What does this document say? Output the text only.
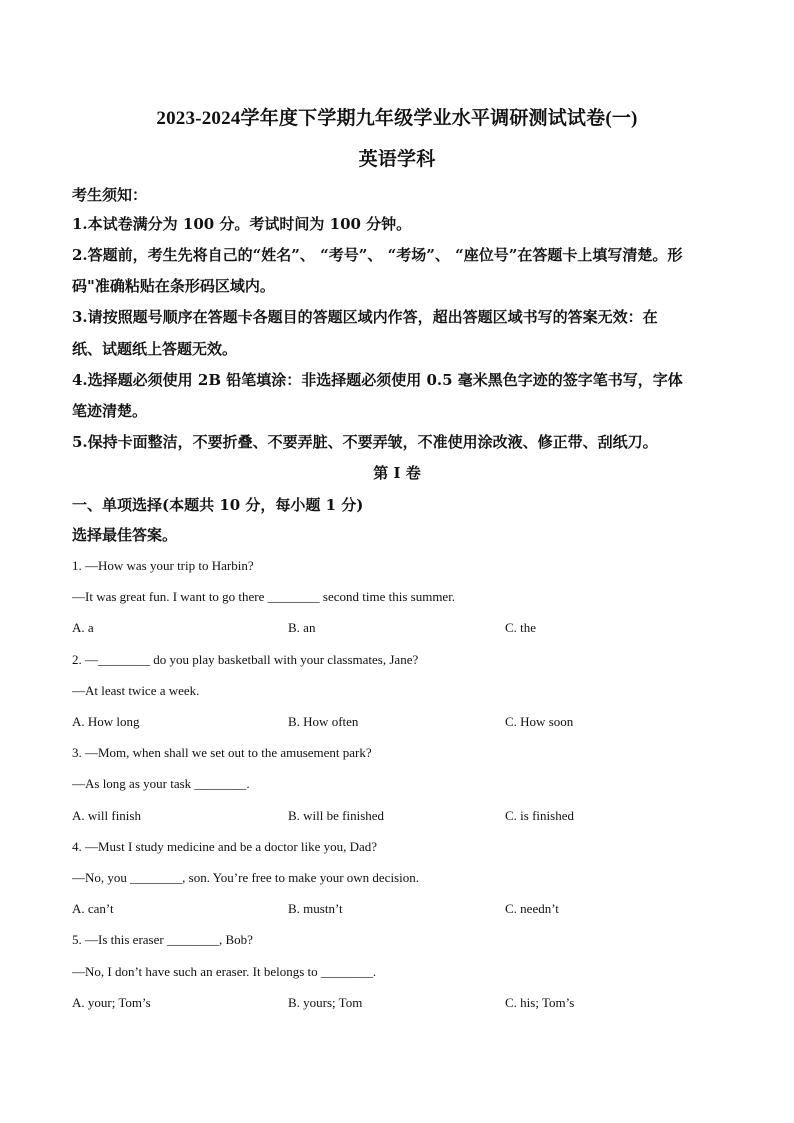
2023-2024学年度下学期九年级学业水平调研测试试卷(一)
英语学科
考生须知：
1.本试卷满分为 100 分。考试时间为 100 分钟。
2.答题前，考生先将自己的“姓名”、 “考号”、 “考场”、 “座位号”在答题卡上填写清楚。形
码"准确粘贴在条形码区域内。
3.请按照题号顺序在答题卡各题目的答题区域内作答，超出答题区域书写的答案无效：在
纸、试题纸上答题无效。
4.选择题必须使用 2B 铅笔填涂：非选择题必须使用 0.5 毫米黑色字迹的签字笔书写，字体
笔迹清楚。
5.保持卡面整洁，不要折叠、不要弄脏、不要弄皱，不准使用涂改液、修正带、刮纸刀。
第 I 卷
一、单项选择(本题共 10 分，每小题 1 分)
选择最佳答案。
1. —How was your trip to Harbin?
—It was great fun. I want to go there ________ second time this summer.
A. a	B. an	C. the
2. —________ do you play basketball with your classmates, Jane?
—At least twice a week.
A. How long	B. How often	C. How soon
3. —Mom, when shall we set out to the amusement park?
—As long as your task ________.
A. will finish	B. will be finished	C. is finished
4. —Must I study medicine and be a doctor like you, Dad?
—No, you ________, son. You’re free to make your own decision.
A. can’t	B. mustn’t	C. needn’t
5. —Is this eraser ________, Bob?
—No, I don’t have such an eraser. It belongs to ________.
A. your; Tom’s	B. yours; Tom	C. his; Tom’s
